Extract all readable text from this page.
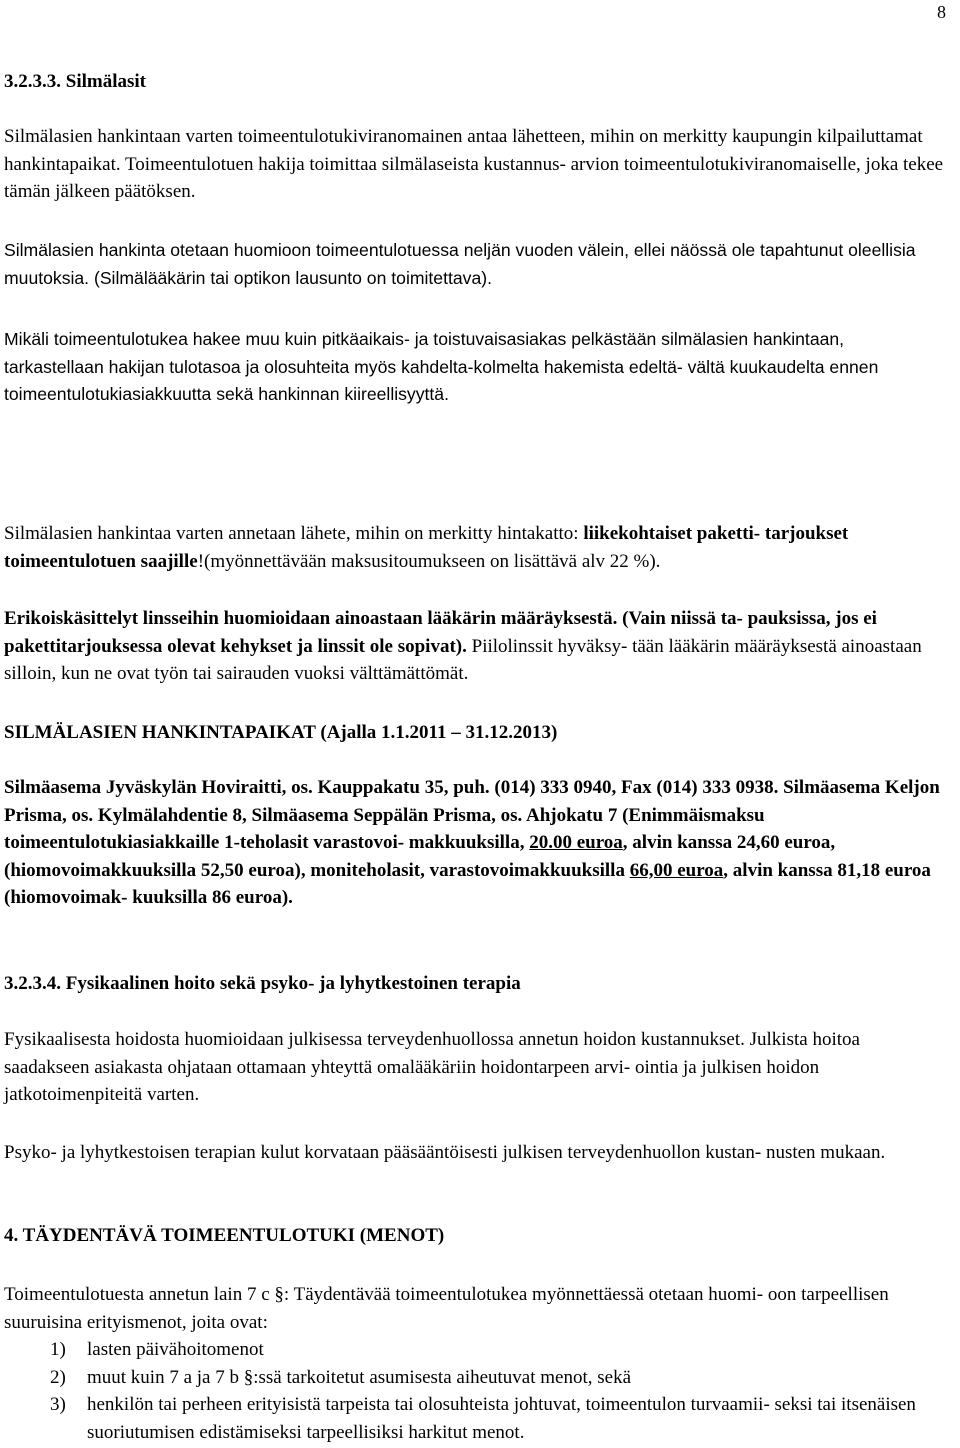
8
3.2.3.3. Silmälasit

Silmälasien hankintaan varten toimeentulotukiviranomainen antaa lähetteen, mihin on merkitty kaupungin kilpailuttamat hankintapaikat. Toimeentulotuen hakija toimittaa silmälaseista kustannus- arvion toimeentulotukiviranomaiselle, joka tekee tämän jälkeen päätöksen.

Silmälasien hankinta otetaan huomioon toimeentulotuessa neljän vuoden välein, ellei näössä ole tapahtunut oleellisia muutoksia. (Silmälääkärin tai optikon lausunto on toimitettava).

Mikäli toimeentulotukea hakee muu kuin pitkäaikais- ja toistuvaisasiakas pelkästään silmälasien hankintaan, tarkastellaan hakijan tulotasoa ja olosuhteita myös kahdelta-kolmelta hakemista edeltä- vältä kuukaudelta ennen toimeentulotukiasiakkuutta sekä hankinnan kiireellisyyttä.

Silmälasien hankintaa varten annetaan lähete, mihin on merkitty hintakatto: liikekohtaiset paketti- tarjoukset toimeentulotuen saajille!(myönnettävään maksusitoumukseen on lisättävä alv 22 %).

Erikoiskäsittelyt linsseihin huomioidaan ainoastaan lääkärin määräyksestä. (Vain niissä ta- pauksissa, jos ei pakettitarjouksessa olevat kehykset ja linssit ole sopivat). Piilolinssit hyväksy- tään lääkärin määräyksestä ainoastaan silloin, kun ne ovat työn tai sairauden vuoksi välttämättömät.

SILMÄLASIEN HANKINTAPAIKAT (Ajalla 1.1.2011 – 31.12.2013)

Silmäasema Jyväskylän Hoviraitti, os. Kauppakatu 35, puh. (014) 333 0940, Fax (014) 333 0938. Silmäasema Keljon Prisma, os. Kylmälahdentie 8, Silmäasema Seppälän Prisma, os. Ahjokatu 7 (Enimmäismaksu toimeentulotukiasiakkaille 1-teholasit varastovoi- makkuuksilla, 20.00 euroa, alvin kanssa 24,60 euroa, (hiomovoimakkuuksilla 52,50 euroa), moniteholasit, varastovoimakkuuksilla 66,00 euroa, alvin kanssa 81,18 euroa (hiomovoimak- kuuksilla 86 euroa).

3.2.3.4. Fysikaalinen hoito sekä psyko- ja lyhytkestoinen terapia

Fysikaalisesta hoidosta huomioidaan julkisessa terveydenhuollossa annetun hoidon kustannukset. Julkista hoitoa saadakseen asiakasta ohjataan ottamaan yhteyttä omalääkäriin hoidontarpeen arvi- ointia ja julkisen hoidon jatkotoimenpiteitä varten.

Psyko- ja lyhytkestoisen terapian kulut korvataan pääsääntöisesti julkisen terveydenhuollon kustan- nusten mukaan.

4. TÄYDENTÄVÄ TOIMEENTULOTUKI (MENOT)

Toimeentulotuesta annetun lain 7 c §: Täydentävää toimeentulotukea myönnettäessä otetaan huomi- oon tarpeellisen suuruisina erityismenot, joita ovat:

1) lasten päivähoitomenot
2) muut kuin 7 a ja 7 b §:ssä tarkoitetut asumisesta aiheutuvat menot, sekä
3) henkilön tai perheen erityisistä tarpeista tai olosuhteista johtuvat, toimeentulon turvaamii- seksi tai itsenäisen suoriutumisen edistämiseksi tarpeellisiksi harkitut menot.
